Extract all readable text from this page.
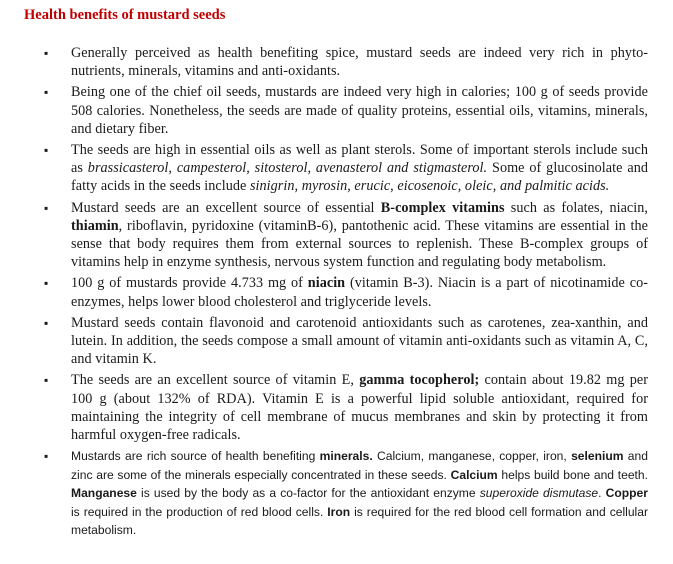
Health benefits of mustard seeds
▪ Generally perceived as health benefiting spice, mustard seeds are indeed very rich in phyto-nutrients, minerals, vitamins and anti-oxidants.
▪ Being one of the chief oil seeds, mustards are indeed very high in calories; 100 g of seeds provide 508 calories. Nonetheless, the seeds are made of quality proteins, essential oils, vitamins, minerals, and dietary fiber.
▪ The seeds are high in essential oils as well as plant sterols. Some of important sterols include such as brassicasterol, campesterol, sitosterol, avenasterol and stigmasterol. Some of glucosinolate and fatty acids in the seeds include sinigrin, myrosin, erucic, eicosenoic, oleic, and palmitic acids.
▪ Mustard seeds are an excellent source of essential B-complex vitamins such as folates, niacin, thiamin, riboflavin, pyridoxine (vitaminB-6), pantothenic acid. These vitamins are essential in the sense that body requires them from external sources to replenish. These B-complex groups of vitamins help in enzyme synthesis, nervous system function and regulating body metabolism.
▪ 100 g of mustards provide 4.733 mg of niacin (vitamin B-3). Niacin is a part of nicotinamide co-enzymes, helps lower blood cholesterol and triglyceride levels.
▪ Mustard seeds contain flavonoid and carotenoid antioxidants such as carotenes, zea-xanthin, and lutein. In addition, the seeds compose a small amount of vitamin anti-oxidants such as vitamin A, C, and vitamin K.
▪ The seeds are an excellent source of vitamin E, gamma tocopherol; contain about 19.82 mg per 100 g (about 132% of RDA). Vitamin E is a powerful lipid soluble antioxidant, required for maintaining the integrity of cell membrane of mucus membranes and skin by protecting it from harmful oxygen-free radicals.
▪ Mustards are rich source of health benefiting minerals. Calcium, manganese, copper, iron, selenium and zinc are some of the minerals especially concentrated in these seeds. Calcium helps build bone and teeth. Manganese is used by the body as a co-factor for the antioxidant enzyme superoxide dismutase. Copper is required in the production of red blood cells. Iron is required for the red blood cell formation and cellular metabolism.
